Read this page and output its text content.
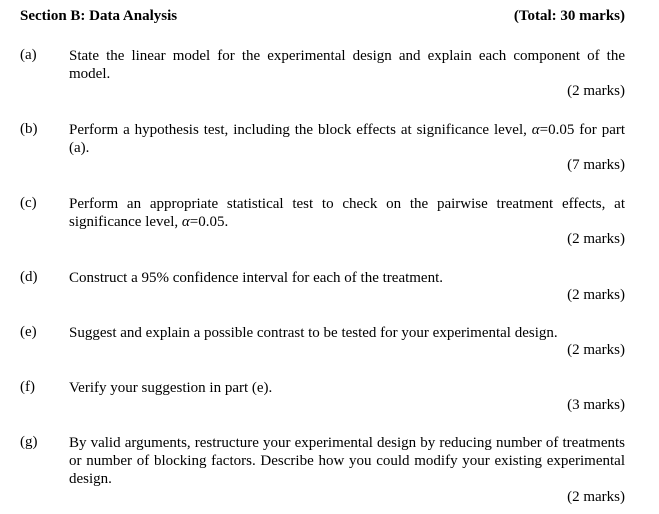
Section B: Data Analysis	(Total: 30 marks)
(a) State the linear model for the experimental design and explain each component of the model.
(2 marks)
(b) Perform a hypothesis test, including the block effects at significance level, α=0.05 for part (a).
(7 marks)
(c) Perform an appropriate statistical test to check on the pairwise treatment effects, at significance level, α=0.05.
(2 marks)
(d) Construct a 95% confidence interval for each of the treatment.
(2 marks)
(e) Suggest and explain a possible contrast to be tested for your experimental design.
(2 marks)
(f) Verify your suggestion in part (e).
(3 marks)
(g) By valid arguments, restructure your experimental design by reducing number of treatments or number of blocking factors. Describe how you could modify your existing experimental design.
(2 marks)
